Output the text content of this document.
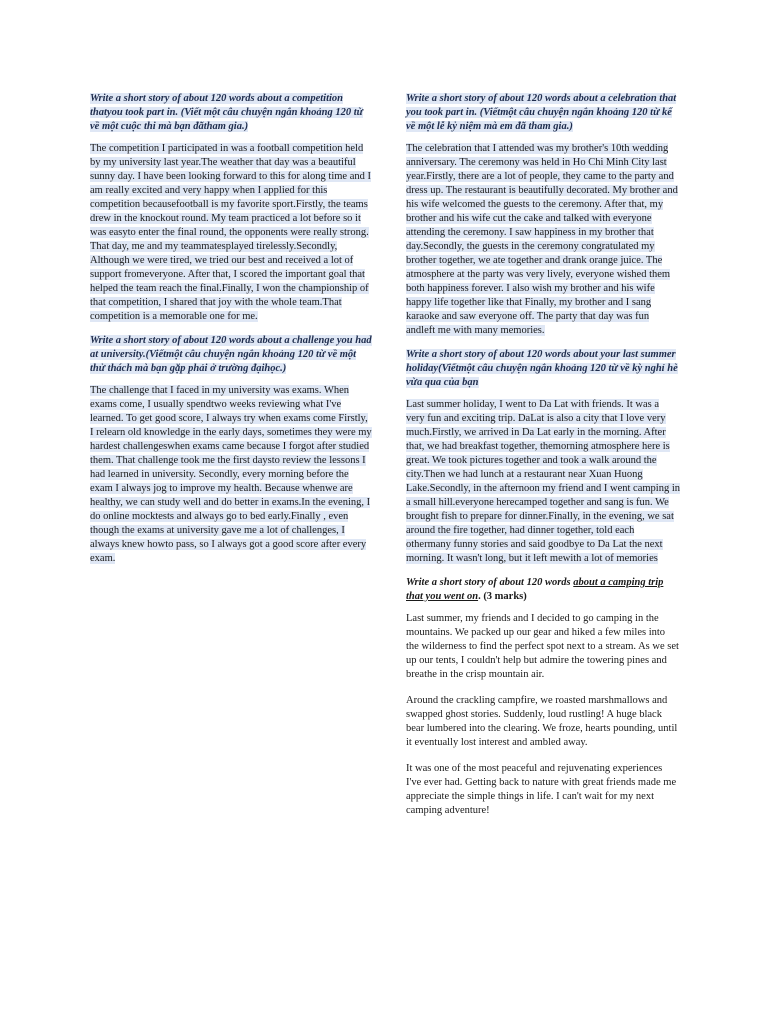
Write a short story of about 120 words about a competition thatyou took part in. (Viết một câu chuyện ngắn khoảng 120 từ về một cuộc thi mà bạn đãtham gia.)

The competition I participated in was a football competition held by my university last year.The weather that day was a beautiful sunny day. I have been looking forward to this for along time and I am really excited and very happy when I applied for this competition becausefootball is my favorite sport.Firstly, the teams drew in the knockout round. My team practiced a lot before so it was easyto enter the final round, the opponents were really strong. That day, me and my teammatesplayed tirelessly.Secondly, Although we were tired, we tried our best and received a lot of support fromeveryone. After that, I scored the important goal that helped the team reach the final.Finally, I won the championship of that competition, I shared that joy with the whole team.That competition is a memorable one for me.

Write a short story of about 120 words about a challenge you had at university.(Viếtmột câu chuyện ngắn khoảng 120 từ về một thử thách mà bạn gặp phải ở trường đạihọc.)

The challenge that I faced in my university was exams. When exams come, I usually spendtwo weeks reviewing what I've learned. To get good score, I always try when exams come Firstly, I relearn old knowledge in the early days, sometimes they were my hardest challengeswhen exams came because I forgot after studied them. That challenge took me the first daysto review the lessons I had learned in university. Secondly, every morning before the exam I always jog to improve my health. Because whenwe are healthy, we can study well and do better in exams.In the evening, I do online mocktests and always go to bed early.Finally , even though the exams at university gave me a lot of challenges, I always knew howto pass, so I always got a good score after every exam.

Write a short story of about 120 words about a celebration that you took part in. (Viếtmột câu chuyện ngắn khoảng 120 từ kể về một lễ kỷ niệm mà em đã tham gia.)

The celebration that I attended was my brother's 10th wedding anniversary. The ceremony was held in Ho Chi Minh City last year.Firstly, there are a lot of people, they came to the party and dress up. The restaurant is beautifully decorated. My brother and his wife welcomed the guests to the ceremony. After that, my brother and his wife cut the cake and talked with everyone attending the ceremony. I saw happiness in my brother that day.Secondly, the guests in the ceremony congratulated my brother together, we ate together and drank orange juice. The atmosphere at the party was very lively, everyone wished them both happiness forever. I also wish my brother and his wife happy life together like that Finally, my brother and I sang karaoke and saw everyone off. The party that day was fun andleft me with many memories.

Write a short story of about 120 words about your last summer holiday(Viếtmột câu chuyện ngắn khoảng 120 từ về kỳ nghỉ hè vừa qua của bạn

Last summer holiday, I went to Da Lat with friends. It was a very fun and exciting trip. DaLat is also a city that I love very much.Firstly, we arrived in Da Lat early in the morning. After that, we had breakfast together, themorning atmosphere here is great. We took pictures together and took a walk around the city.Then we had lunch at a restaurant near Xuan Huong Lake.Secondly, in the afternoon my friend and I went camping in a small hill.everyone herecamped together and sang is fun. We brought fish to prepare for dinner.Finally, in the evening, we sat around the fire together, had dinner together, told each othermany funny stories and said goodbye to Da Lat the next morning. It wasn't long, but it left mewith a lot of memories

Write a short story of about 120 words about a camping trip that you went on. (3 marks)

Last summer, my friends and I decided to go camping in the mountains. We packed up our gear and hiked a few miles into the wilderness to find the perfect spot next to a stream. As we set up our tents, I couldn't help but admire the towering pines and breathe in the crisp mountain air.

Around the crackling campfire, we roasted marshmallows and swapped ghost stories. Suddenly, loud rustling! A huge black bear lumbered into the clearing. We froze, hearts pounding, until it eventually lost interest and ambled away.

It was one of the most peaceful and rejuvenating experiences I've ever had. Getting back to nature with great friends made me appreciate the simple things in life. I can't wait for my next camping adventure!
